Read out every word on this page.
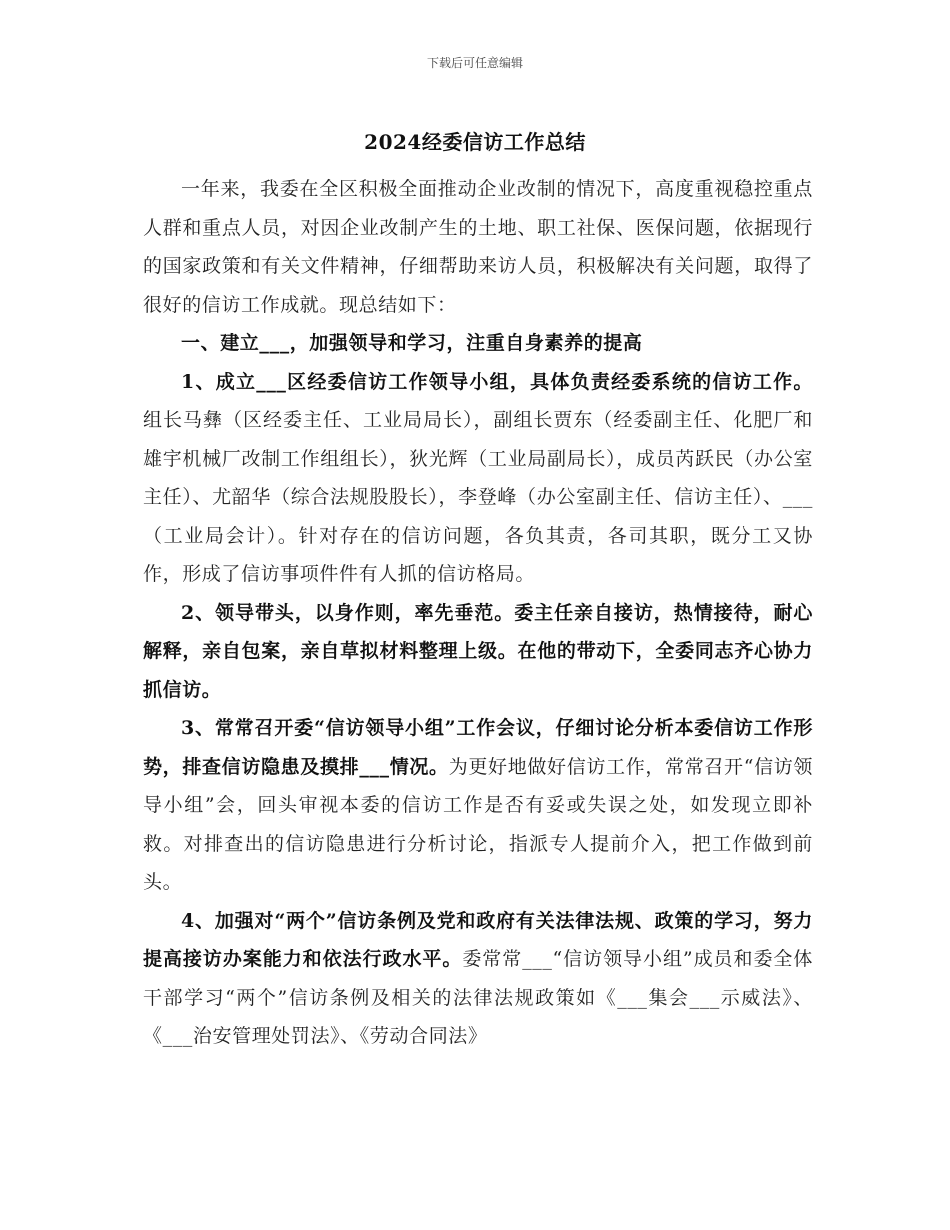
下载后可任意编辑
2024经委信访工作总结

一年来，我委在全区积极全面推动企业改制的情况下，高度重视稳控重点人群和重点人员，对因企业改制产生的土地、职工社保、医保问题，依据现行的国家政策和有关文件精神，仔细帮助来访人员，积极解决有关问题，取得了很好的信访工作成就。现总结如下：

一、建立___，加强领导和学习，注重自身素养的提高

1、成立___区经委信访工作领导小组，具体负责经委系统的信访工作。组长马彝（区经委主任、工业局局长），副组长贾东（经委副主任、化肥厂和雄宇机械厂改制工作组组长），狄光辉（工业局副局长），成员芮跃民（办公室主任）、尤韶华（综合法规股股长），李登峰（办公室副主任、信访主任）、___（工业局会计）。针对存在的信访问题，各负其责，各司其职，既分工又协作，形成了信访事项件件有人抓的信访格局。

2、领导带头，以身作则，率先垂范。委主任亲自接访，热情接待，耐心解释，亲自包案，亲自草拟材料整理上级。在他的带动下，全委同志齐心协力抓信访。

3、常常召开委“信访领导小组”工作会议，仔细讨论分析本委信访工作形势，排查信访隐患及摸排___情况。为更好地做好信访工作，常常召开“信访领导小组”会，回头审视本委的信访工作是否有妥或失误之处，如发现立即补救。对排查出的信访隐患进行分析讨论，指派专人提前介入，把工作做到前头。

4、加强对“两个”信访条例及党和政府有关法律法规、政策的学习，努力提高接访办案能力和依法行政水平。委常常___“信访领导小组”成员和委全体干部学习“两个”信访条例及相关的法律法规政策如《___集会___示威法》、《___治安管理处罚法》、《劳动合同法》
